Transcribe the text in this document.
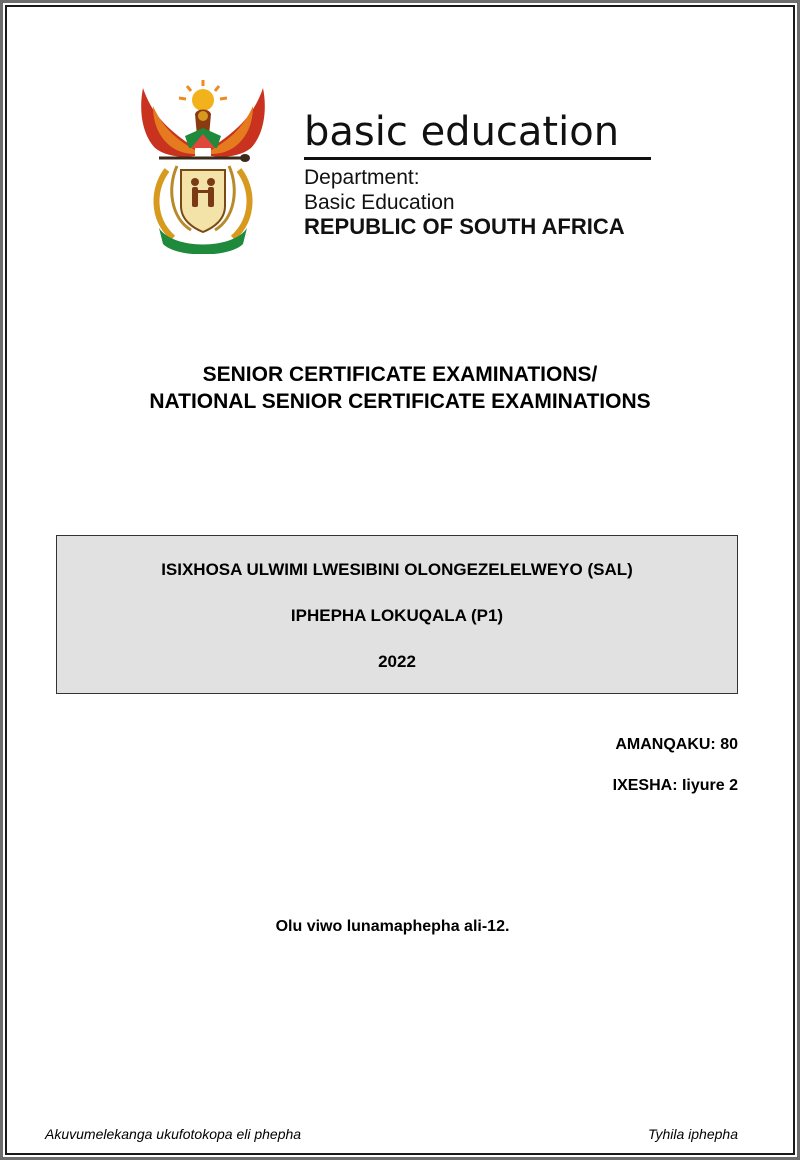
basic education
Department:
Basic Education
REPUBLIC OF SOUTH AFRICA
SENIOR CERTIFICATE EXAMINATIONS/
NATIONAL SENIOR CERTIFICATE EXAMINATIONS
ISIXHOSA ULWIMI LWESIBINI OLONGEZELELWEYO (SAL)
IPHEPHA LOKUQALA (P1)
2022
AMANQAKU: 80
IXESHA: Iiyure 2
Olu viwo lunamaphepha ali-12.
Akuvumelekanga ukufotokopa eli phepha	Tyhila iphepha
